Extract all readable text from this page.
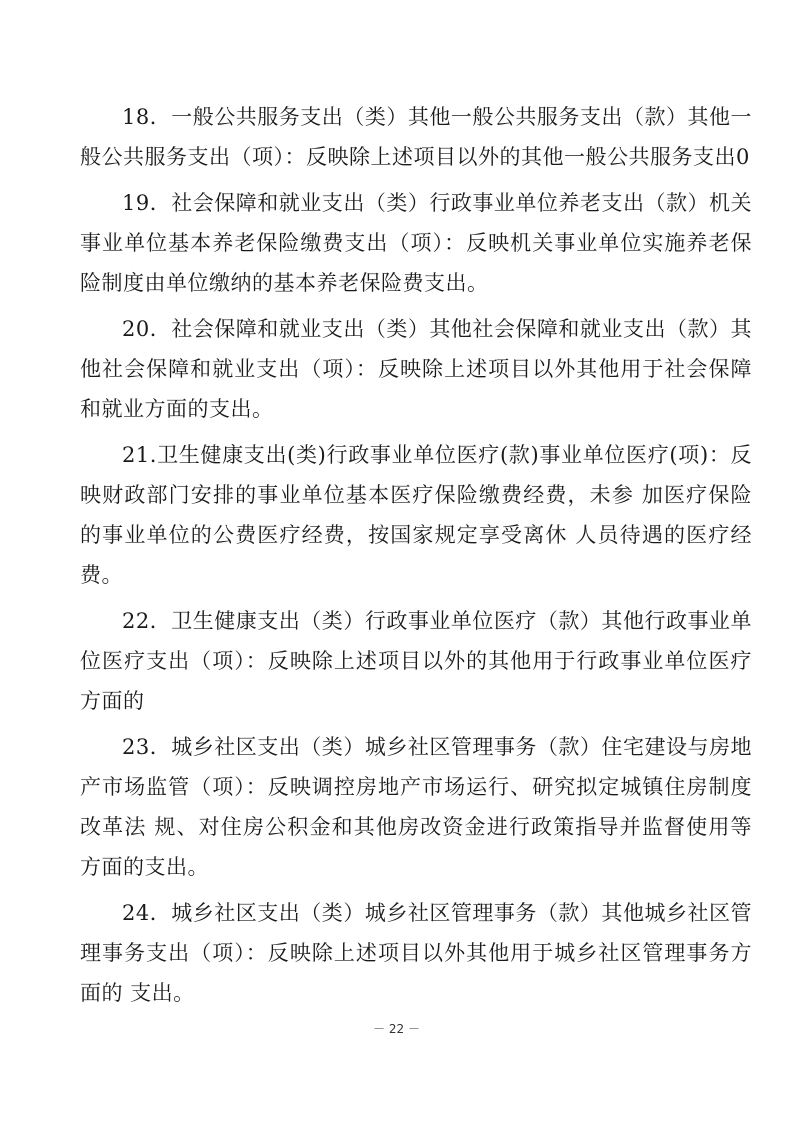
18．一般公共服务支出（类）其他一般公共服务支出（款）其他一般公共服务支出（项）：反映除上述项目以外的其他一般公共服务支出0

19．社会保障和就业支出（类）行政事业单位养老支出（款）机关事业单位基本养老保险缴费支出（项）：反映机关事业单位实施养老保险制度由单位缴纳的基本养老保险费支出。

20．社会保障和就业支出（类）其他社会保障和就业支出（款）其他社会保障和就业支出（项）：反映除上述项目以外其他用于社会保障和就业方面的支出。

21.卫生健康支出(类)行政事业单位医疗(款)事业单位医疗(项)：反映财政部门安排的事业单位基本医疗保险缴费经费，未参 加医疗保险的事业单位的公费医疗经费，按国家规定享受离休 人员待遇的医疗经费。

22．卫生健康支出（类）行政事业单位医疗（款）其他行政事业单位医疗支出（项）：反映除上述项目以外的其他用于行政事业单位医疗方面的

23．城乡社区支出（类）城乡社区管理事务（款）住宅建设与房地产市场监管（项）：反映调控房地产市场运行、研究拟定城镇住房制度改革法 规、对住房公积金和其他房改资金进行政策指导并监督使用等方面的支出。

24．城乡社区支出（类）城乡社区管理事务（款）其他城乡社区管理事务支出（项）：反映除上述项目以外其他用于城乡社区管理事务方面的 支出。

－ 22 －
